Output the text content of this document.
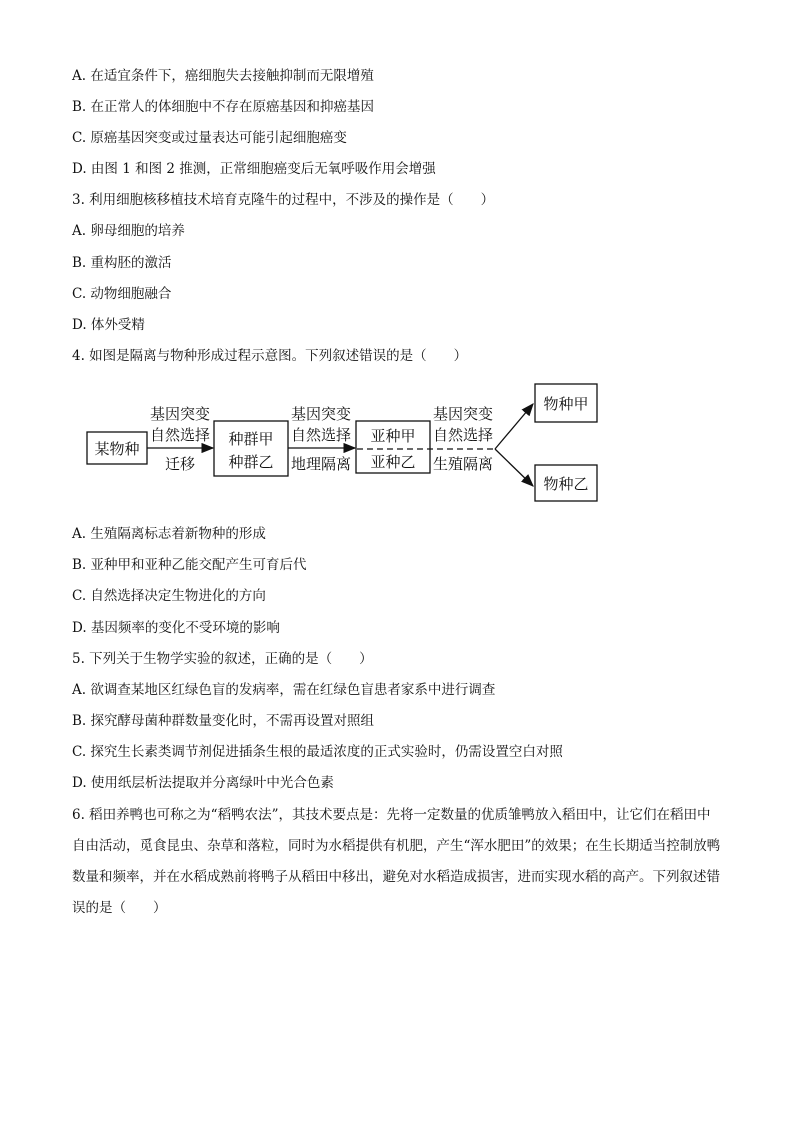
A. 在适宜条件下，癌细胞失去接触抑制而无限增殖
B. 在正常人的体细胞中不存在原癌基因和抑癌基因
C. 原癌基因突变或过量表达可能引起细胞癌变
D. 由图 1 和图 2 推测，正常细胞癌变后无氧呼吸作用会增强
3. 利用细胞核移植技术培育克隆牛的过程中，不涉及的操作是（　　）
A. 卵母细胞的培养
B. 重构胚的激活
C. 动物细胞融合
D. 体外受精
4. 如图是隔离与物种形成过程示意图。下列叙述错误的是（　　）
某物种
基因突变
自然选择
迁移
种群甲
种群乙
基因突变
自然选择
地理隔离
亚种甲
亚种乙
基因突变
自然选择
生殖隔离
物种甲
物种乙
A. 生殖隔离标志着新物种的形成
B. 亚种甲和亚种乙能交配产生可育后代
C. 自然选择决定生物进化的方向
D. 基因频率的变化不受环境的影响
5. 下列关于生物学实验的叙述，正确的是（　　）
A. 欲调查某地区红绿色盲的发病率，需在红绿色盲患者家系中进行调查
B. 探究酵母菌种群数量变化时，不需再设置对照组
C. 探究生长素类调节剂促进插条生根的最适浓度的正式实验时，仍需设置空白对照
D. 使用纸层析法提取并分离绿叶中光合色素
6. 稻田养鸭也可称之为“稻鸭农法”，其技术要点是：先将一定数量的优质雏鸭放入稻田中，让它们在稻田中自由活动，觅食昆虫、杂草和落粒，同时为水稻提供有机肥，产生“浑水肥田”的效果；在生长期适当控制放鸭数量和频率，并在水稻成熟前将鸭子从稻田中移出，避免对水稻造成损害，进而实现水稻的高产。下列叙述错误的是（　　）
